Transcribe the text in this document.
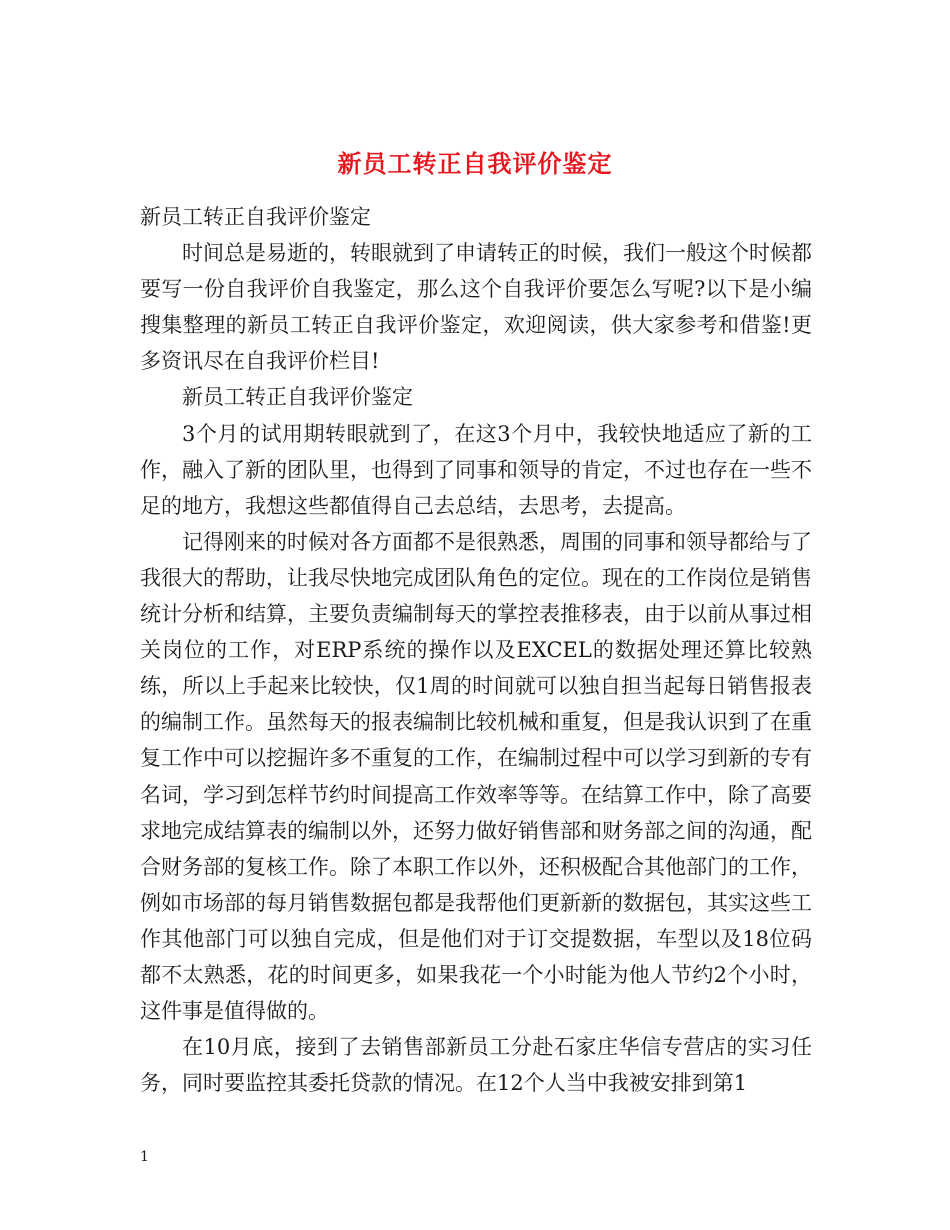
新员工转正自我评价鉴定

新员工转正自我评价鉴定

时间总是易逝的，转眼就到了申请转正的时候，我们一般这个时候都要写一份自我评价自我鉴定，那么这个自我评价要怎么写呢?以下是小编搜集整理的新员工转正自我评价鉴定，欢迎阅读，供大家参考和借鉴!更多资讯尽在自我评价栏目!

新员工转正自我评价鉴定

3个月的试用期转眼就到了，在这3个月中，我较快地适应了新的工作，融入了新的团队里，也得到了同事和领导的肯定，不过也存在一些不足的地方，我想这些都值得自己去总结，去思考，去提高。

记得刚来的时候对各方面都不是很熟悉，周围的同事和领导都给与了我很大的帮助，让我尽快地完成团队角色的定位。现在的工作岗位是销售统计分析和结算，主要负责编制每天的掌控表推移表，由于以前从事过相关岗位的工作，对ERP系统的操作以及EXCEL的数据处理还算比较熟练，所以上手起来比较快，仅1周的时间就可以独自担当起每日销售报表的编制工作。虽然每天的报表编制比较机械和重复，但是我认识到了在重复工作中可以挖掘许多不重复的工作，在编制过程中可以学习到新的专有名词，学习到怎样节约时间提高工作效率等等。在结算工作中，除了高要求地完成结算表的编制以外，还努力做好销售部和财务部之间的沟通，配合财务部的复核工作。除了本职工作以外，还积极配合其他部门的工作，例如市场部的每月销售数据包都是我帮他们更新新的数据包，其实这些工作其他部门可以独自完成，但是他们对于订交提数据，车型以及18位码都不太熟悉，花的时间更多，如果我花一个小时能为他人节约2个小时，这件事是值得做的。

在10月底，接到了去销售部新员工分赴石家庄华信专营店的实习任务，同时要监控其委托贷款的情况。在12个人当中我被安排到第1

1
